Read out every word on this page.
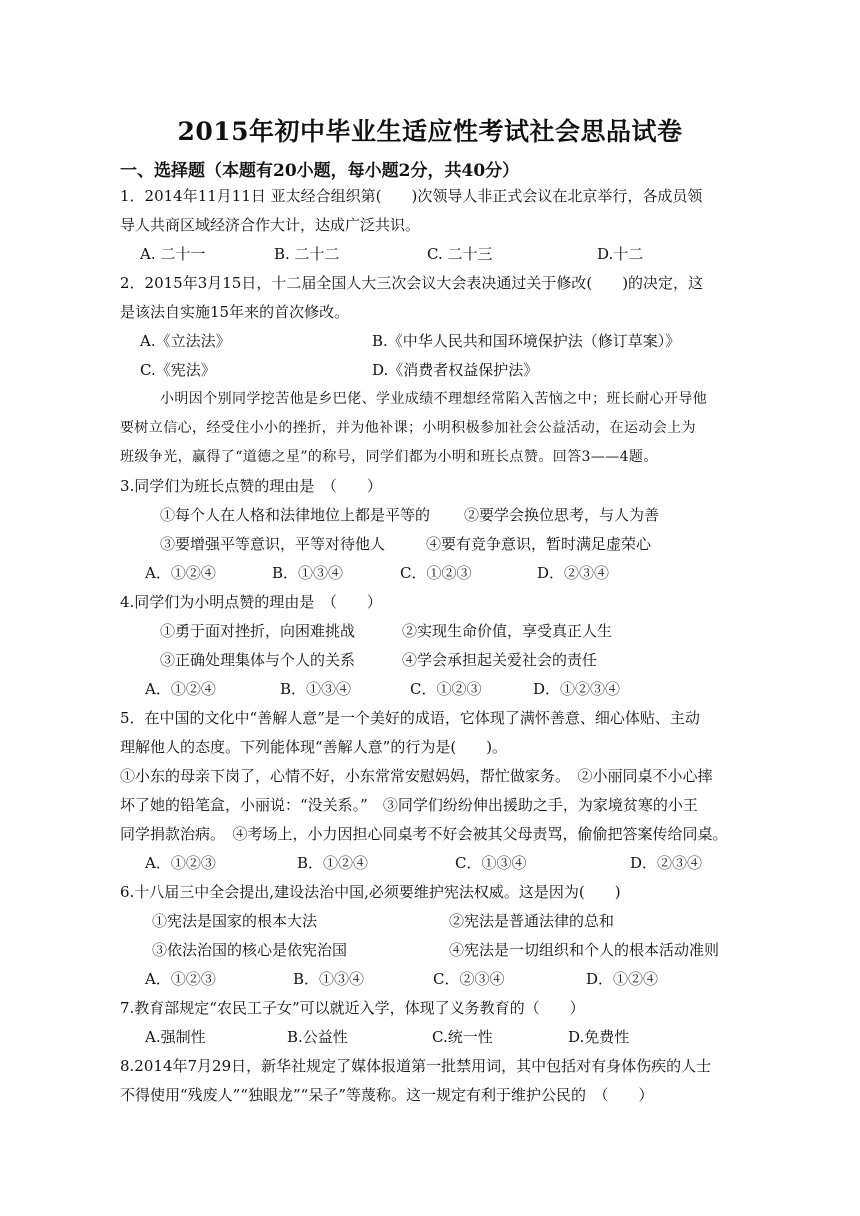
2015年初中毕业生适应性考试社会思品试卷
一、选择题（本题有20小题，每小题2分，共40分）
1．2014年11月11日 亚太经合组织第(　　)次领导人非正式会议在北京举行，各成员领
导人共商区域经济合作大计，达成广泛共识。
A. 二十一	B. 二十二	C. 二十三	D.十二
2．2015年3月15日，十二届全国人大三次会议大会表决通过关于修改(　　)的决定，这
是该法自实施15年来的首次修改。
A.《立法法》	B.《中华人民共和国环境保护法（修订草案）》
C.《宪法》	D.《消费者权益保护法》
小明因个别同学挖苦他是乡巴佬、学业成绩不理想经常陷入苦恼之中；班长耐心开导他
要树立信心，经受住小小的挫折，并为他补课；小明积极参加社会公益活动，在运动会上为
班级争光，赢得了“道德之星”的称号，同学们都为小明和班长点赞。回答3——4题。
3.同学们为班长点赞的理由是　（　　）
①每个人在人格和法律地位上都是平等的 ②要学会换位思考，与人为善
③要增强平等意识，平等对待他人	④要有竞争意识，暂时满足虚荣心
A．①②④	B．①③④	C．①②③	D．②③④
4.同学们为小明点赞的理由是　（　　）
①勇于面对挫折，向困难挑战	②实现生命价值，享受真正人生
③正确处理集体与个人的关系	④学会承担起关爱社会的责任
A．①②④	B．①③④	C．①②③	D．①②③④
5．在中国的文化中“善解人意”是一个美好的成语，它体现了满怀善意、细心体贴、主动
理解他人的态度。下列能体现“善解人意”的行为是(　　)。
①小东的母亲下岗了，心情不好，小东常常安慰妈妈，帮忙做家务。　②小丽同桌不小心摔
坏了她的铅笔盒，小丽说：“没关系。”　③同学们纷纷伸出援助之手，为家境贫寒的小王
同学捐款治病。　④考场上，小力因担心同桌考不好会被其父母责骂，偷偷把答案传给同桌。
A．①②③	B．①②④	C．①③④	D．②③④
6.十八届三中全会提出,建设法治中国,必须要维护宪法权威。这是因为(　　)
①宪法是国家的根本大法	②宪法是普通法律的总和
③依法治国的核心是依宪治国	④宪法是一切组织和个人的根本活动准则
A．①②③	B．①③④	C．②③④	D．①②④
7.教育部规定“农民工子女”可以就近入学，体现了义务教育的（　　）
A.强制性	B.公益性	C.统一性	D.免费性
8.2014年7月29日，新华社规定了媒体报道第一批禁用词，其中包括对有身体伤疾的人士
不得使用“残废人”“独眼龙”“呆子”等蔑称。这一规定有利于维护公民的　（　　）
